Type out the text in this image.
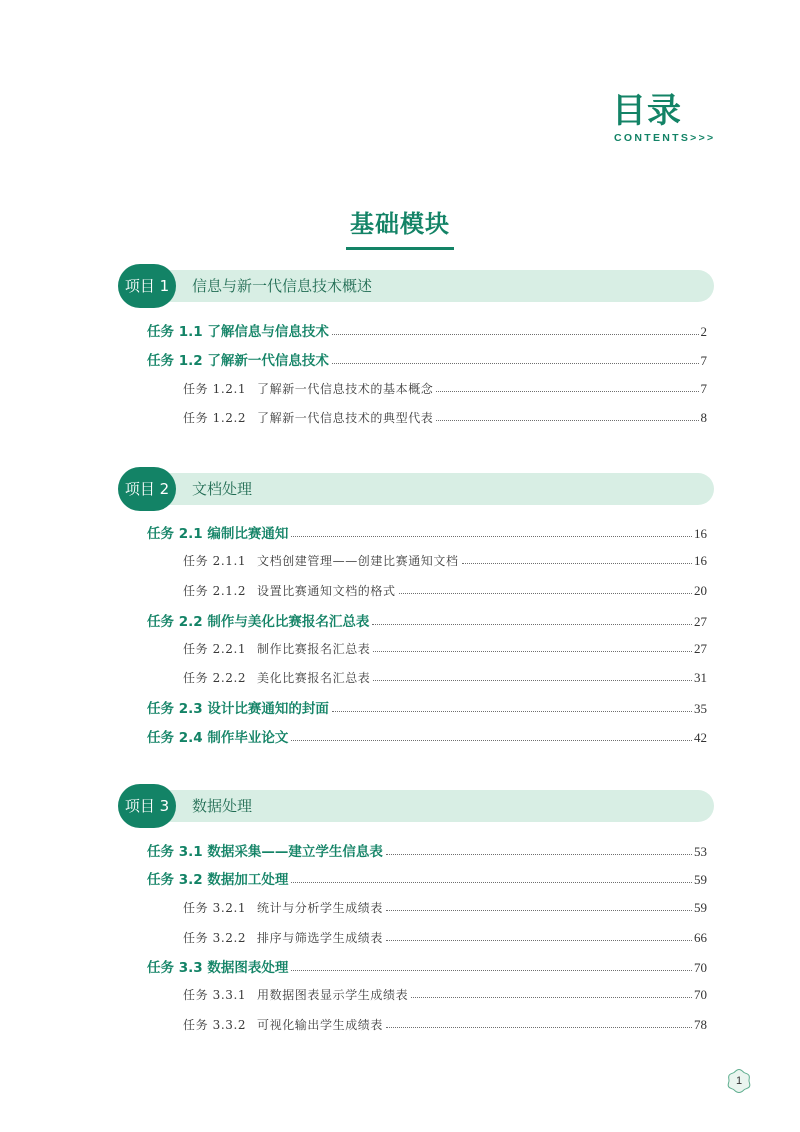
目录
CONTENTS>>>
基础模块
项目 1	信息与新一代信息技术概述
任务 1.1 了解信息与信息技术	2
任务 1.2 了解新一代信息技术	7
任务 1.2.1 了解新一代信息技术的基本概念	7
任务 1.2.2 了解新一代信息技术的典型代表	8
项目 2	文档处理
任务 2.1 编制比赛通知	16
任务 2.1.1 文档创建管理——创建比赛通知文档	16
任务 2.1.2 设置比赛通知文档的格式	20
任务 2.2 制作与美化比赛报名汇总表	27
任务 2.2.1 制作比赛报名汇总表	27
任务 2.2.2 美化比赛报名汇总表	31
任务 2.3 设计比赛通知的封面	35
任务 2.4 制作毕业论文	42
项目 3	数据处理
任务 3.1 数据采集——建立学生信息表	53
任务 3.2 数据加工处理	59
任务 3.2.1 统计与分析学生成绩表	59
任务 3.2.2 排序与筛选学生成绩表	66
任务 3.3 数据图表处理	70
任务 3.3.1 用数据图表显示学生成绩表	70
任务 3.3.2 可视化输出学生成绩表	78
1
